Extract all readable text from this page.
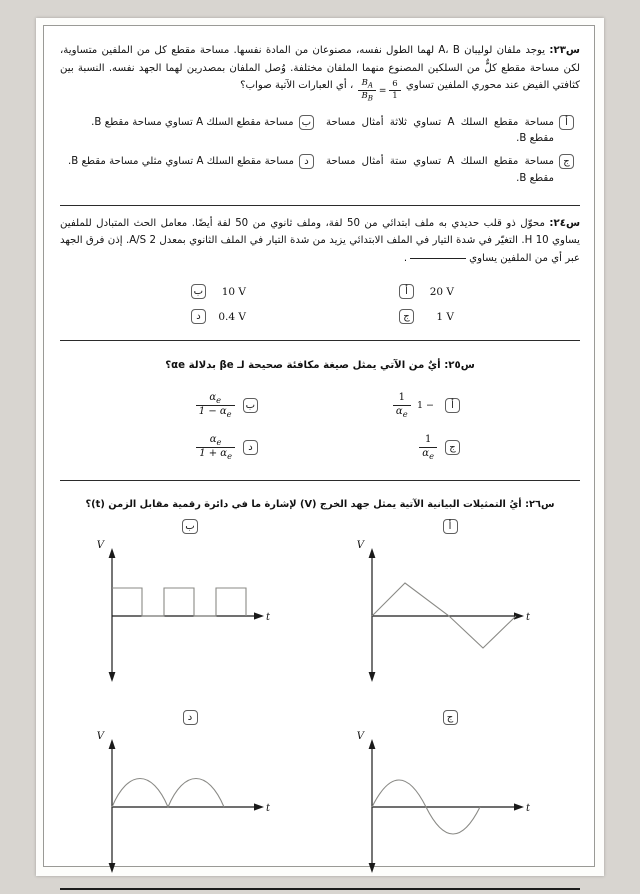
س٢٣: يوجد ملفان لوليبان A، B لهما الطول نفسه، مصنوعان من المادة نفسها. مساحة مقطع كل من الملفين متساوية، لكن مساحة مقطع كلٌّ من السلكين المصنوع منهما الملفان مختلفة. وُصل الملفان بمصدرين لهما الجهد نفسه. النسبة بين كثافتي الفيض عند محوري الملفين تساوي
$\frac{B_A}{B_B} = \frac{6}{1}$
، أي العبارات الآتية صواب؟
أ
مساحة مقطع السلك A تساوي ثلاثة أمثال مساحة مقطع B.
ب
مساحة مقطع السلك A تساوي مساحة مقطع B.
ج
مساحة مقطع السلك A تساوي ستة أمثال مساحة مقطع B.
د
مساحة مقطع السلك A تساوي مثلي مساحة مقطع B.
س٢٤: محوّل ذو قلب حديدي به ملف ابتدائي من 50 لفة، وملف ثانوي من 50 لفة أيضًا. معامل الحث المتبادل للملفين يساوي 10 H. التغيّر في شدة التيار في الملف الابتدائي يزيد من شدة التيار في الملف الثانوي بمعدل 2 A/S. إذن فرق الجهد عبر أي من الملفين يساوي.
20 V
أ
10 V
ب
1 V
ج
0.4 V
د
س٢٥: أيٌ من الآتي يمثل صيغة مكافئة صحيحة لـ βe بدلالة αe؟
أ
1 −
$\frac{1}{\alpha_e}$
ب
$\frac{\alpha_e}{1 - \alpha_e}$
ج
$\frac{1}{\alpha_e}$
د
$\frac{\alpha_e}{1 + \alpha_e}$
س٢٦: أيُ التمثيلات البيانية الآتية يمثل جهد الخرج (V) لإشارة ما في دائرة رقمية مقابل الزمن (t)؟
أ
ب
V
t
V
t
ج
د
V
t
V
t
